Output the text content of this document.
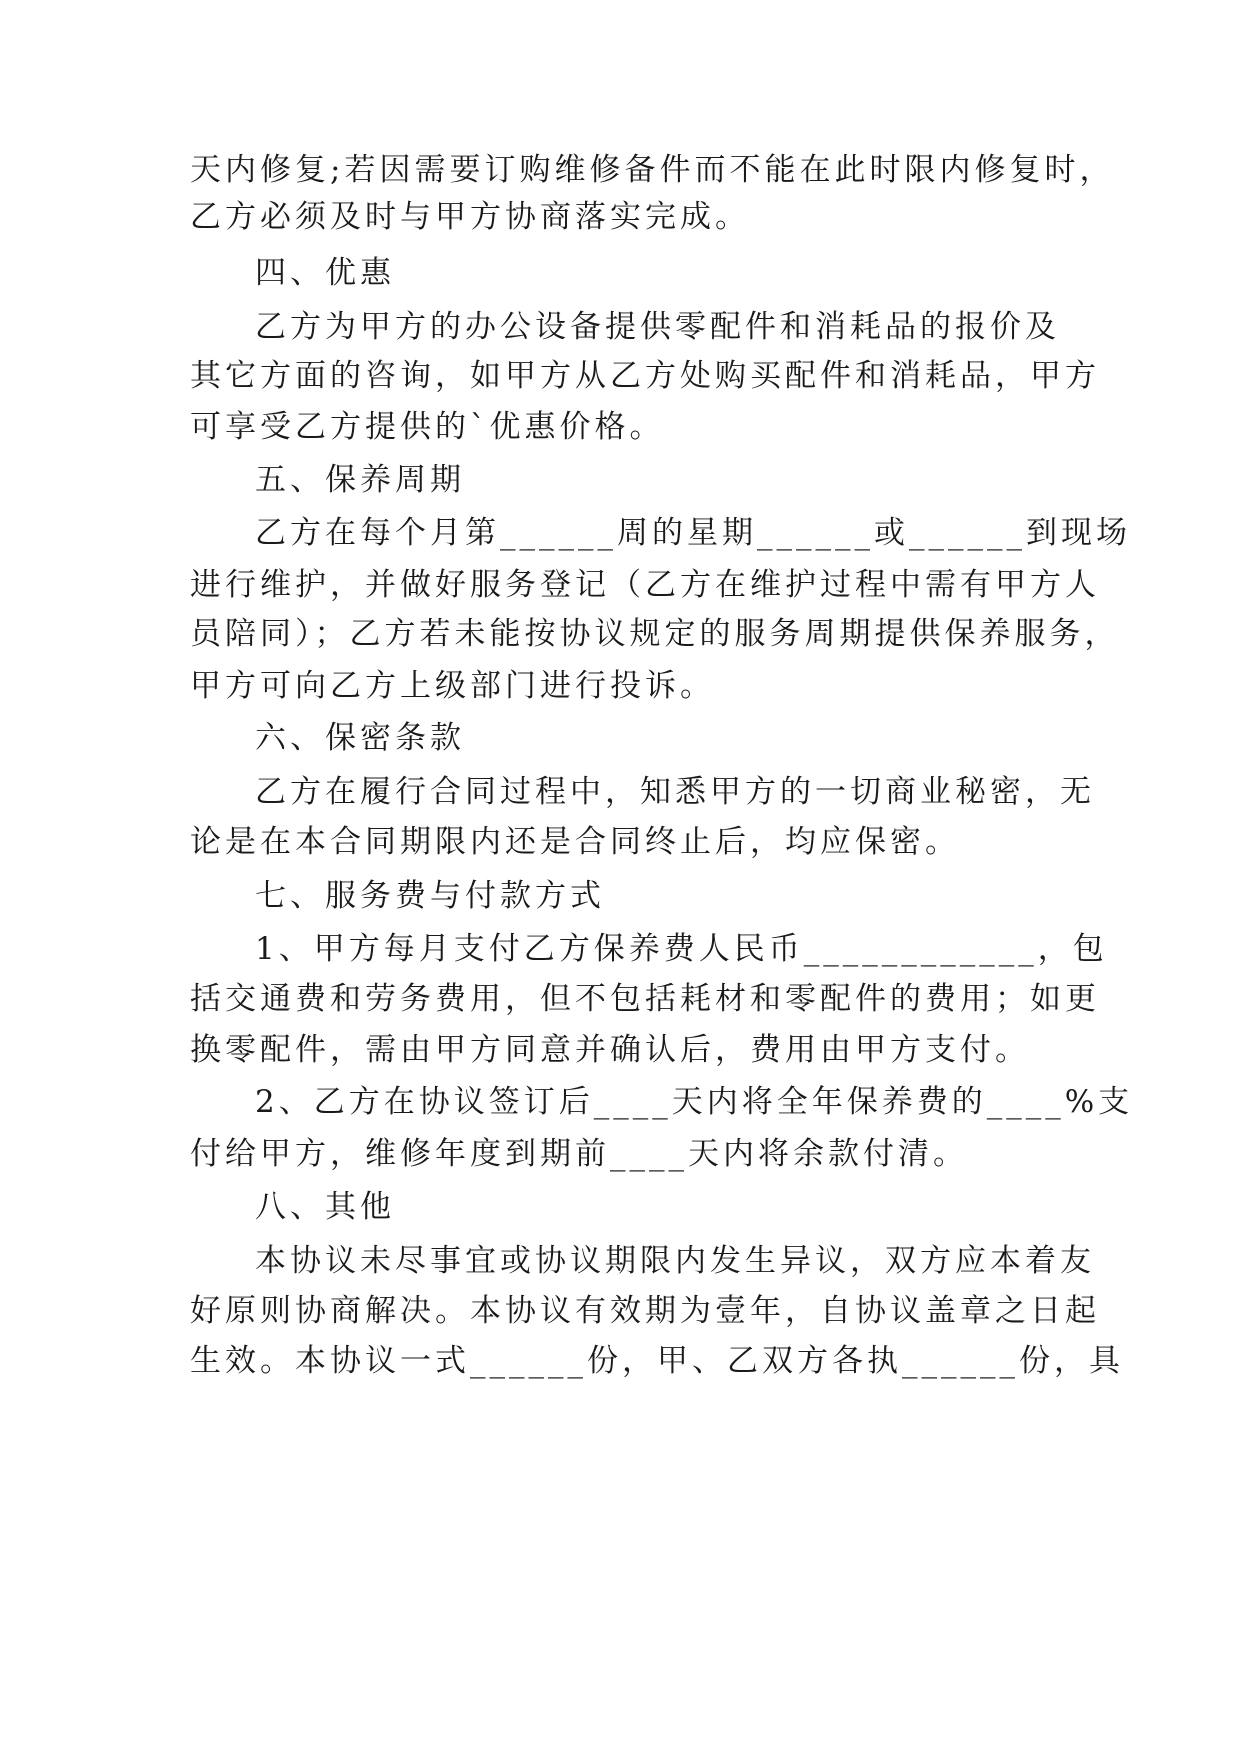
天内修复;若因需要订购维修备件而不能在此时限内修复时，
乙方必须及时与甲方协商落实完成。
四、优惠
乙方为甲方的办公设备提供零配件和消耗品的报价及
其它方面的咨询，如甲方从乙方处购买配件和消耗品，甲方
可享受乙方提供的`优惠价格。
五、保养周期
乙方在每个月第______周的星期______或______到现场
进行维护，并做好服务登记（乙方在维护过程中需有甲方人
员陪同）；乙方若未能按协议规定的服务周期提供保养服务，
甲方可向乙方上级部门进行投诉。
六、保密条款
乙方在履行合同过程中，知悉甲方的一切商业秘密，无
论是在本合同期限内还是合同终止后，均应保密。
七、服务费与付款方式
1、甲方每月支付乙方保养费人民币____________，包
括交通费和劳务费用，但不包括耗材和零配件的费用；如更
换零配件，需由甲方同意并确认后，费用由甲方支付。
2、乙方在协议签订后____天内将全年保养费的____%支
付给甲方，维修年度到期前____天内将余款付清。
八、其他
本协议未尽事宜或协议期限内发生异议，双方应本着友
好原则协商解决。本协议有效期为壹年，自协议盖章之日起
生效。本协议一式______份，甲、乙双方各执______份，具
